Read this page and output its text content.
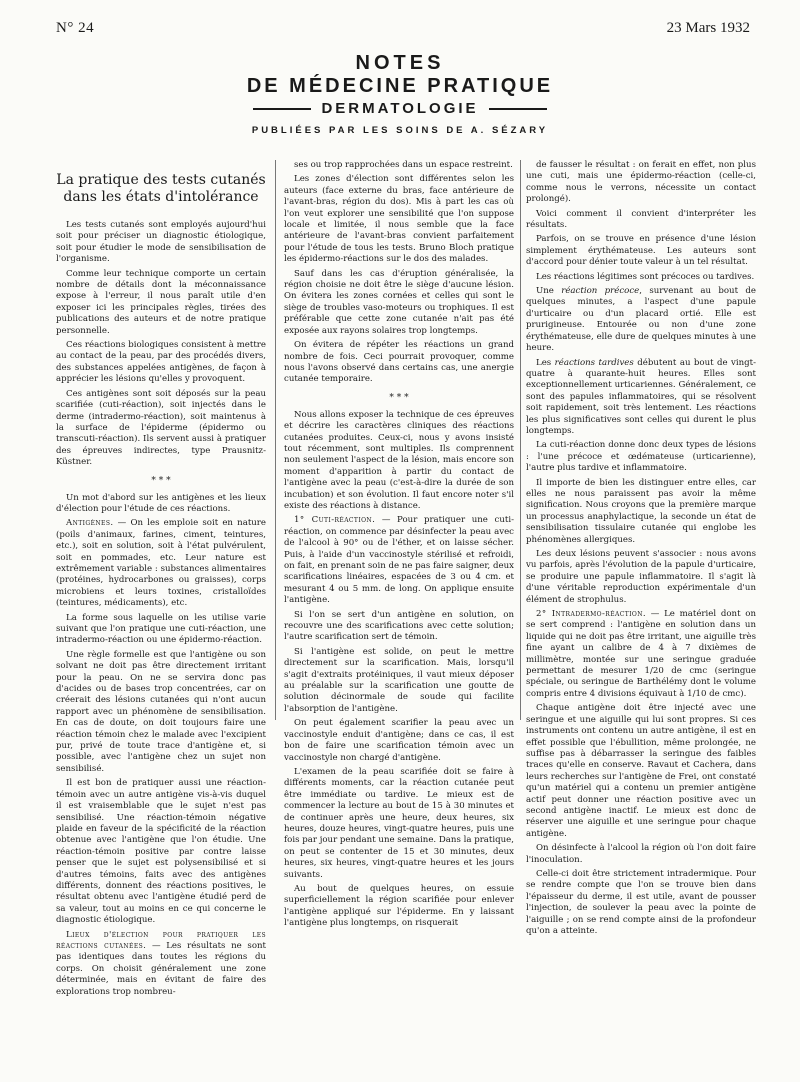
N° 24	23 Mars 1932
NOTES
DE MÉDECINE PRATIQUE
DERMATOLOGIE
PUBLIÉES PAR LES SOINS DE A. SÉZARY
La pratique des tests cutanés
dans les états d'intolérance

Les tests cutanés sont employés aujourd'hui soit pour préciser un diagnostic étiologique, soit pour étudier le mode de sensibilisation de l'organisme.

Comme leur technique comporte un certain nombre de détails dont la méconnaissance expose à l'erreur, il nous paraît utile d'en exposer ici les principales règles, tirées des publications des auteurs et de notre pratique personnelle.

Ces réactions biologiques consistent à mettre au contact de la peau, par des procédés divers, des substances appelées antigènes, de façon à apprécier les lésions qu'elles y provoquent.

Ces antigènes sont soit déposés sur la peau scarifiée (cuti-réaction), soit injectés dans le derme (intradermo-réaction), soit maintenus à la surface de l'épiderme (épidermo ou transcuti-réaction). Ils servent aussi à pratiquer des épreuves indirectes, type Prausnitz-Küstner.

* * *

Un mot d'abord sur les antigènes et les lieux d'élection pour l'étude de ces réactions.

Antigènes. — On les emploie soit en nature (poils d'animaux, farines, ciment, teintures, etc.), soit en solution, soit à l'état pulvérulent, soit en pommades, etc. Leur nature est extrêmement variable : substances alimentaires (protéines, hydrocarbones ou graisses), corps microbiens et leurs toxines, cristalloïdes (teintures, médicaments), etc.

La forme sous laquelle on les utilise varie suivant que l'on pratique une cuti-réaction, une intradermo-réaction ou une épidermo-réaction.

Une règle formelle est que l'antigène ou son solvant ne doit pas être directement irritant pour la peau. On ne se servira donc pas d'acides ou de bases trop concentrées, car on créerait des lésions cutanées qui n'ont aucun rapport avec un phénomène de sensibilisation. En cas de doute, on doit toujours faire une réaction témoin chez le malade avec l'excipient pur, privé de toute trace d'antigène et, si possible, avec l'antigène chez un sujet non sensibilisé.

Il est bon de pratiquer aussi une réaction-témoin avec un autre antigène vis-à-vis duquel il est vraisemblable que le sujet n'est pas sensibilisé. Une réaction-témoin négative plaide en faveur de la spécificité de la réaction obtenue avec l'antigène que l'on étudie. Une réaction-témoin positive par contre laisse penser que le sujet est polysensibilisé et si d'autres témoins, faits avec des antigènes différents, donnent des réactions positives, le résultat obtenu avec l'antigène étudié perd de sa valeur, tout au moins en ce qui concerne le diagnostic étiologique.

Lieux d'élection pour pratiquer les réactions cutanées. — Les résultats ne sont pas identiques dans toutes les régions du corps. On choisit généralement une zone déterminée, mais en évitant de faire des explorations trop nombreu-

ses ou trop rapprochées dans un espace restreint.

Les zones d'élection sont différentes selon les auteurs (face externe du bras, face antérieure de l'avant-bras, région du dos). Mis à part les cas où l'on veut explorer une sensibilité que l'on suppose locale et limitée, il nous semble que la face antérieure de l'avant-bras convient parfaitement pour l'étude de tous les tests. Bruno Bloch pratique les épidermo-réactions sur le dos des malades.

Sauf dans les cas d'éruption généralisée, la région choisie ne doit être le siège d'aucune lésion. On évitera les zones cornées et celles qui sont le siège de troubles vaso-moteurs ou trophiques. Il est préférable que cette zone cutanée n'ait pas été exposée aux rayons solaires trop longtemps.

On évitera de répéter les réactions un grand nombre de fois. Ceci pourrait provoquer, comme nous l'avons observé dans certains cas, une anergie cutanée temporaire.

* * *

Nous allons exposer la technique de ces épreuves et décrire les caractères cliniques des réactions cutanées produites. Ceux-ci, nous y avons insisté tout récemment, sont multiples. Ils comprennent non seulement l'aspect de la lésion, mais encore son moment d'apparition à partir du contact de l'antigène avec la peau (c'est-à-dire la durée de son incubation) et son évolution. Il faut encore noter s'il existe des réactions à distance.

1° Cuti-réaction. — Pour pratiquer une cuti-réaction, on commence par désinfecter la peau avec de l'alcool à 90° ou de l'éther, et on laisse sécher. Puis, à l'aide d'un vaccinostyle stérilisé et refroidi, on fait, en prenant soin de ne pas faire saigner, deux scarifications linéaires, espacées de 3 ou 4 cm. et mesurant 4 ou 5 mm. de long. On applique ensuite l'antigène.

Si l'on se sert d'un antigène en solution, on recouvre une des scarifications avec cette solution; l'autre scarification sert de témoin.

Si l'antigène est solide, on peut le mettre directement sur la scarification. Mais, lorsqu'il s'agit d'extraits protéiniques, il vaut mieux déposer au préalable sur la scarification une goutte de solution décinormale de soude qui facilite l'absorption de l'antigène.

On peut également scarifier la peau avec un vaccinostyle enduit d'antigène; dans ce cas, il est bon de faire une scarification témoin avec un vaccinostyle non chargé d'antigène.

L'examen de la peau scarifiée doit se faire à différents moments, car la réaction cutanée peut être immédiate ou tardive. Le mieux est de commencer la lecture au bout de 15 à 30 minutes et de continuer après une heure, deux heures, six heures, douze heures, vingt-quatre heures, puis une fois par jour pendant une semaine. Dans la pratique, on peut se contenter de 15 et 30 minutes, deux heures, six heures, vingt-quatre heures et les jours suivants.

Au bout de quelques heures, on essuie superficiellement la région scarifiée pour enlever l'antigène appliqué sur l'épiderme. En y laissant l'antigène plus longtemps, on risquerait

de fausser le résultat : on ferait en effet, non plus une cuti, mais une épidermo-réaction (celle-ci, comme nous le verrons, nécessite un contact prolongé).

Voici comment il convient d'interpréter les résultats.

Parfois, on se trouve en présence d'une lésion simplement érythémateuse. Les auteurs sont d'accord pour dénier toute valeur à un tel résultat.

Les réactions légitimes sont précoces ou tardives.

Une réaction précoce, survenant au bout de quelques minutes, a l'aspect d'une papule d'urticaire ou d'un placard ortié. Elle est prurigineuse. Entourée ou non d'une zone érythémateuse, elle dure de quelques minutes à une heure.

Les réactions tardives débutent au bout de vingt-quatre à quarante-huit heures. Elles sont exceptionnellement urticariennes. Généralement, ce sont des papules inflammatoires, qui se résolvent soit rapidement, soit très lentement. Les réactions les plus significatives sont celles qui durent le plus longtemps.

La cuti-réaction donne donc deux types de lésions : l'une précoce et œdémateuse (urticarienne), l'autre plus tardive et inflammatoire.

Il importe de bien les distinguer entre elles, car elles ne nous paraissent pas avoir la même signification. Nous croyons que la première marque un processus anaphylactique, la seconde un état de sensibilisation tissulaire cutanée qui englobe les phénomènes allergiques.

Les deux lésions peuvent s'associer : nous avons vu parfois, après l'évolution de la papule d'urticaire, se produire une papule inflammatoire. Il s'agit là d'une véritable reproduction expérimentale d'un élément de strophulus.

2° Intradermo-réaction. — Le matériel dont on se sert comprend : l'antigène en solution dans un liquide qui ne doit pas être irritant, une aiguille très fine ayant un calibre de 4 à 7 dixièmes de millimètre, montée sur une seringue graduée permettant de mesurer 1/20 de cmc (seringue spéciale, ou seringue de Barthélémy dont le volume compris entre 4 divisions équivaut à 1/10 de cmc).

Chaque antigène doit être injecté avec une seringue et une aiguille qui lui sont propres. Si ces instruments ont contenu un autre antigène, il est en effet possible que l'ébullition, même prolongée, ne suffise pas à débarrasser la seringue des faibles traces qu'elle en conserve. Ravaut et Cachera, dans leurs recherches sur l'antigène de Frei, ont constaté qu'un matériel qui a contenu un premier antigène actif peut donner une réaction positive avec un second antigène inactif. Le mieux est donc de réserver une aiguille et une seringue pour chaque antigène.

On désinfecte à l'alcool la région où l'on doit faire l'inoculation.

Celle-ci doit être strictement intradermique. Pour se rendre compte que l'on se trouve bien dans l'épaisseur du derme, il est utile, avant de pousser l'injection, de soulever la peau avec la pointe de l'aiguille ; on se rend compte ainsi de la profondeur qu'on a atteinte.
